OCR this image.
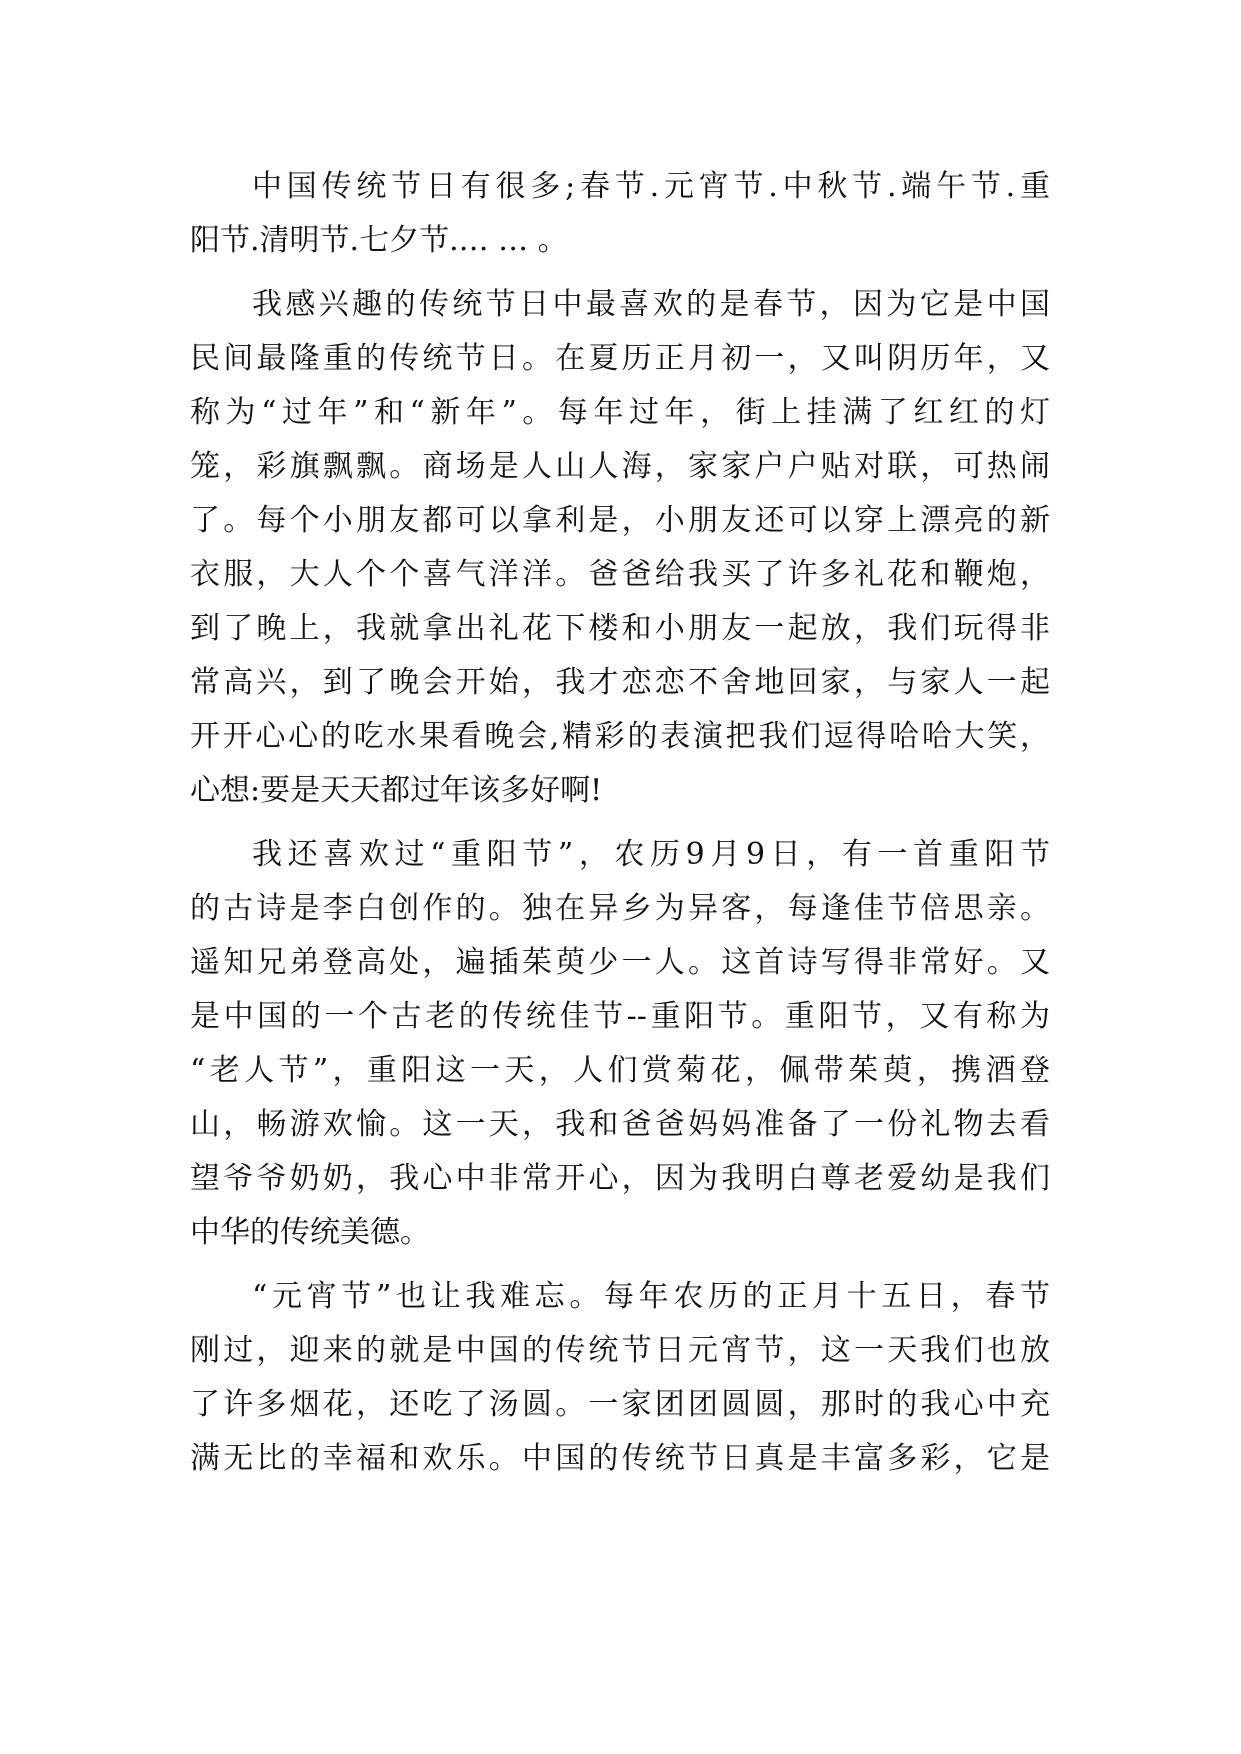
中国传统节日有很多;春节.元宵节.中秋节.端午节.重
阳节.清明节.七夕节.… … 。

我感兴趣的传统节日中最喜欢的是春节，因为它是中国
民间最隆重的传统节日。在夏历正月初一，又叫阴历年，又
称为“过年”和“新年”。每年过年，街上挂满了红红的灯
笼，彩旗飘飘。商场是人山人海，家家户户贴对联，可热闹
了。每个小朋友都可以拿利是，小朋友还可以穿上漂亮的新
衣服，大人个个喜气洋洋。爸爸给我买了许多礼花和鞭炮，
到了晚上，我就拿出礼花下楼和小朋友一起放，我们玩得非
常高兴，到了晚会开始，我才恋恋不舍地回家，与家人一起
开开心心的吃水果看晚会,精彩的表演把我们逗得哈哈大笑，
心想:要是天天都过年该多好啊!

我还喜欢过“重阳节”，农历9月9日，有一首重阳节
的古诗是李白创作的。独在异乡为异客，每逢佳节倍思亲。
遥知兄弟登高处，遍插茱萸少一人。这首诗写得非常好。又
是中国的一个古老的传统佳节--重阳节。重阳节，又有称为
“老人节”，重阳这一天，人们赏菊花，佩带茱萸，携酒登
山，畅游欢愉。这一天，我和爸爸妈妈准备了一份礼物去看
望爷爷奶奶，我心中非常开心，因为我明白尊老爱幼是我们
中华的传统美德。

“元宵节”也让我难忘。每年农历的正月十五日，春节
刚过，迎来的就是中国的传统节日元宵节，这一天我们也放
了许多烟花，还吃了汤圆。一家团团圆圆，那时的我心中充
满无比的幸福和欢乐。中国的传统节日真是丰富多彩，它是
